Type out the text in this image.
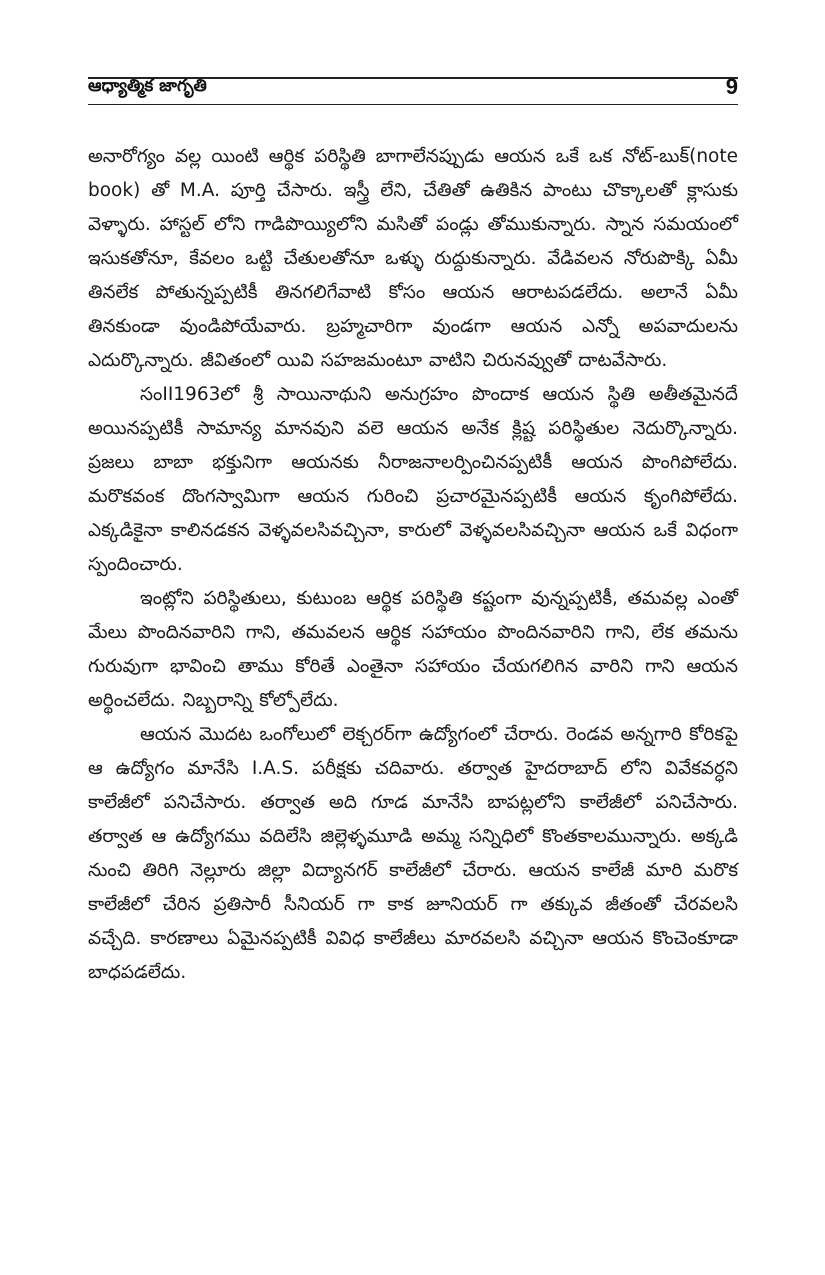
ఆధ్యాత్మిక జాగృతి	9

అనారోగ్యం వల్ల యింటి ఆర్థిక పరిస్థితి బాగాలేనప్పుడు ఆయన ఒకే ఒక నోట్-బుక్(note book) తో M.A. పూర్తి చేసారు. ఇస్త్రీ లేని, చేతితో ఉతికిన పాంటు చొక్కాలతో క్లాసుకు వెళ్ళారు. హాస్టల్ లోని గాడిపొయ్యిలోని మసితో పండ్లు తోముకున్నారు. స్నాన సమయంలో ఇసుకతోనూ, కేవలం ఒట్టి చేతులతోనూ ఒళ్ళు రుద్దుకున్నారు. వేడివలన నోరుపొక్కి ఏమీ తినలేక పోతున్నప్పటికీ తినగలిగేవాటి కోసం ఆయన ఆరాటపడలేదు. అలానే ఏమీ తినకుండా వుండిపోయేవారు. బ్రహ్మచారిగా వుండగా ఆయన ఎన్నో అపవాదులను ఎదుర్కొన్నారు. జీవితంలో యివి సహజమంటూ వాటిని చిరునవ్వుతో దాటవేసారు.

సంII1963లో శ్రీ సాయినాథుని అనుగ్రహం పొందాక ఆయన స్థితి అతీతమైనదే అయినప్పటికీ సామాన్య మానవుని వలె ఆయన అనేక క్లిష్ట పరిస్థితుల నెదుర్కొన్నారు. ప్రజలు బాబా భక్తునిగా ఆయనకు నీరాజనాలర్పించినప్పటికీ ఆయన పొంగిపోలేదు. మరొకవంక దొంగస్వామిగా ఆయన గురించి ప్రచారమైనప్పటికీ ఆయన కృంగిపోలేదు. ఎక్కడికైనా కాలినడకన వెళ్ళవలసివచ్చినా, కారులో వెళ్ళవలసివచ్చినా ఆయన ఒకే విధంగా స్పందించారు.

ఇంట్లోని పరిస్థితులు, కుటుంబ ఆర్థిక పరిస్థితి కష్టంగా వున్నప్పటికీ, తమవల్ల ఎంతో మేలు పొందినవారిని గాని, తమవలన ఆర్థిక సహాయం పొందినవారిని గాని, లేక తమను గురువుగా భావించి తాము కోరితే ఎంతైనా సహాయం చేయగలిగిన వారిని గాని ఆయన అర్థించలేదు. నిబ్బరాన్ని కోల్పోలేదు.

ఆయన మొదట ఒంగోలులో లెక్చరర్‌గా ఉద్యోగంలో చేరారు. రెండవ అన్నగారి కోరికపై ఆ ఉద్యోగం మానేసి I.A.S. పరీక్షకు చదివారు. తర్వాత హైదరాబాద్ లోని వివేకవర్ధని కాలేజీలో పనిచేసారు. తర్వాత అది గూడ మానేసి బాపట్లలోని కాలేజీలో పనిచేసారు. తర్వాత ఆ ఉద్యోగము వదిలేసి జిల్లెళ్ళమూడి అమ్మ సన్నిధిలో కొంతకాలమున్నారు. అక్కడి నుంచి తిరిగి నెల్లూరు జిల్లా విద్యానగర్ కాలేజీలో చేరారు. ఆయన కాలేజీ మారి మరొక కాలేజీలో చేరిన ప్రతిసారీ సీనియర్ గా కాక జూనియర్ గా తక్కువ జీతంతో చేరవలసి వచ్చేది. కారణాలు ఏమైనప్పటికీ వివిధ కాలేజీలు మారవలసి వచ్చినా ఆయన కొంచెంకూడా బాధపడలేదు.
